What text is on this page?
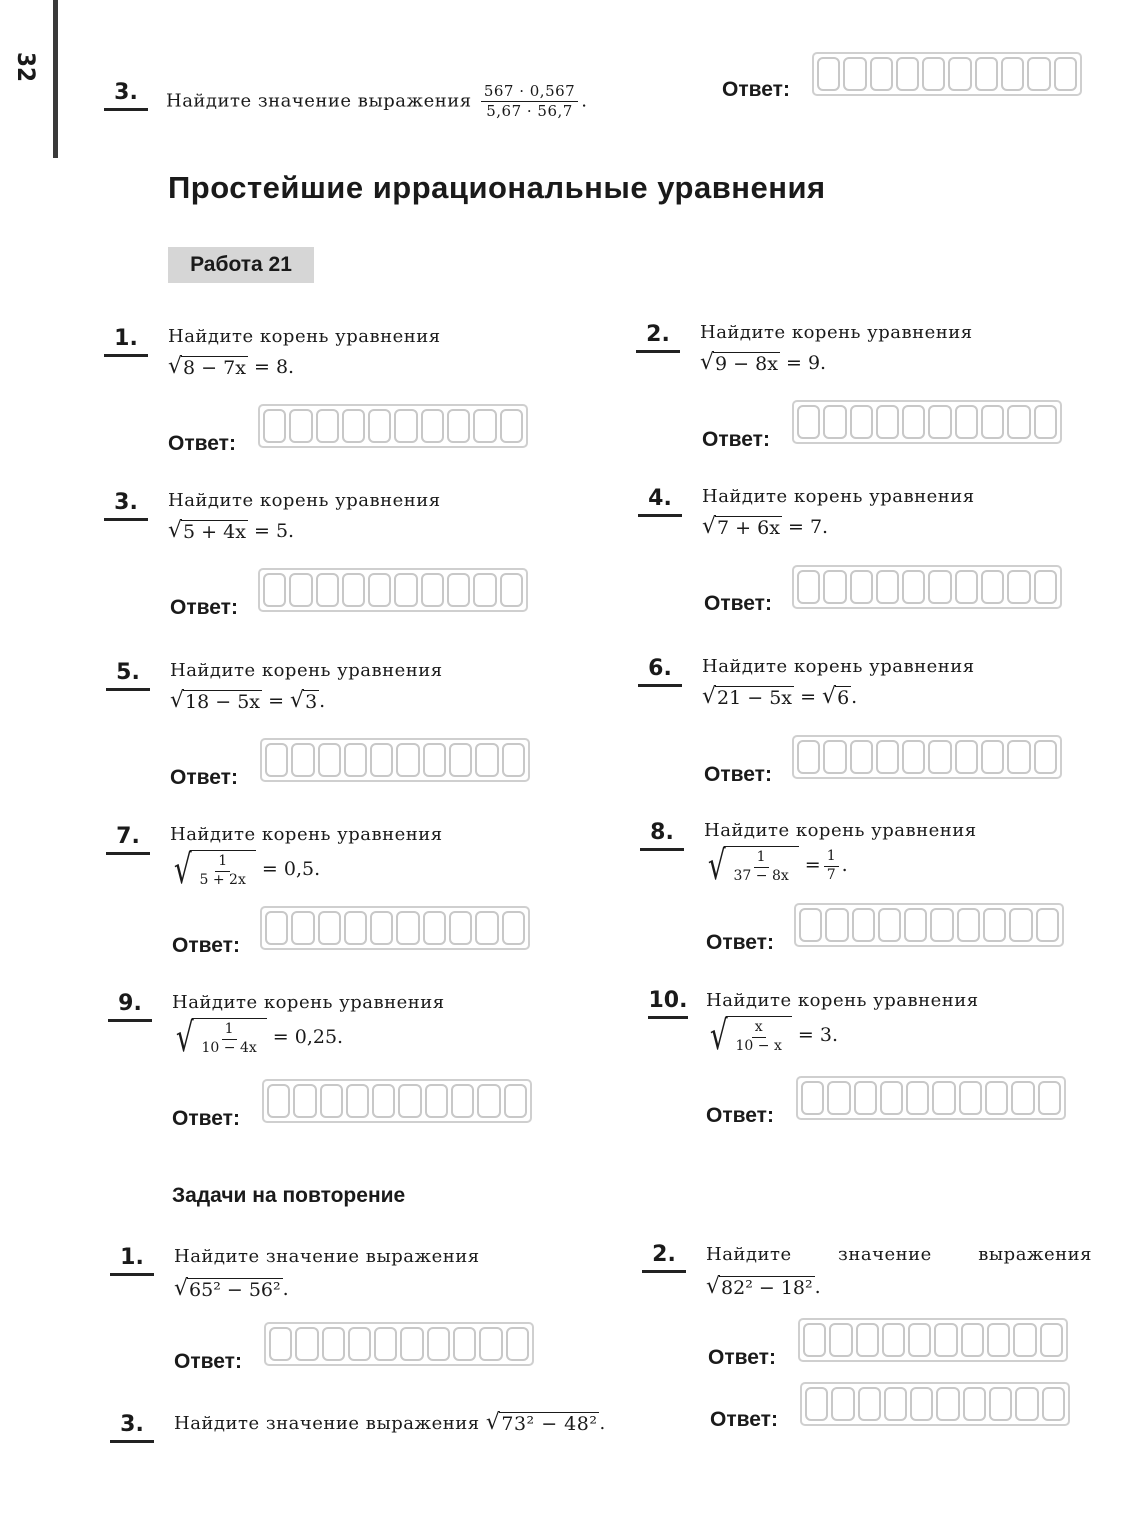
32
3.	Найдите значение выражения $\frac{567 \cdot 0,567}{5,67 \cdot 56,7}$ .	Ответ:
Простейшие иррациональные уравнения
Работа 21
1.	Найдите корень уравнения
√ 8 − 7x = 8.
Ответ:
2.	Найдите корень уравнения
√ 9 − 8x = 9.
Ответ:
3.	Найдите корень уравнения
√ 5 + 4x = 5.
Ответ:
4.	Найдите корень уравнения
√ 7 + 6x = 7.
Ответ:
5.	Найдите корень уравнения
√ 18 − 5x = √ 3 .
Ответ:
6.	Найдите корень уравнения
√ 21 − 5x = √ 6 .
Ответ:
7.	Найдите корень уравнения
√ $\frac{1}{5 + 2x} = 0,5$.
Ответ:
8.	Найдите корень уравнения
√ $\frac{1}{37 - 8x} = \frac{1}{7}$ .
Ответ:
9.	Найдите корень уравнения
√ $\frac{1}{10 - 4x} = 0,25$.
Ответ:
10. Найдите корень уравнения
√ $\frac{x}{10 - x} = 3$.
Ответ:
Задачи на повторение
1.	Найдите значение выражения
√ 65² − 56² .
Ответ:
2.	Найдите	значение	выражения
√ 82² − 18² .
Ответ:
3.	Найдите значение выражения √ 73² − 48² .	Ответ:
